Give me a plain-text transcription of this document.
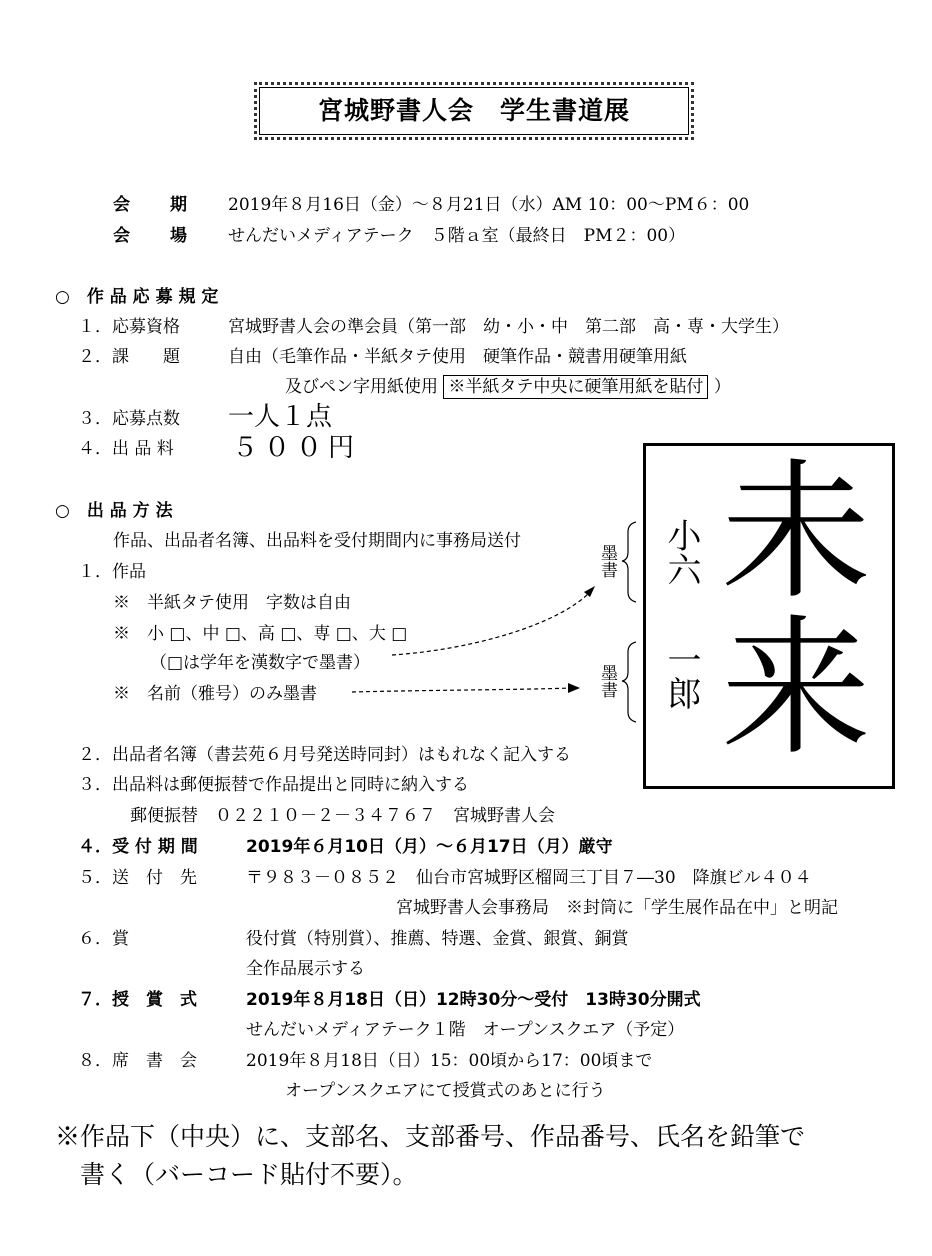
宮城野書人会　学生書道展
会 期 2019年８月16日（金）～８月21日（水）AM 10：00～PM６：00
会 場 せんだいメディアテーク　５階ａ室（最終日　PM２：00）
○　作 品 応 募 規 定
１．応募資格	宮城野書人会の準会員（第一部　幼・小・中　第二部　高・専・大学生）
２．課　　題	自由（毛筆作品・半紙タテ使用　硬筆作品・競書用硬筆用紙
及びペン字用紙使用 ※半紙タテ中央に硬筆用紙を貼付 ）
３．応募点数 一人１点
４．出 品 料 ５００円
○　出 品 方 法
作品、出品者名簿、出品料を受付期間内に事務局送付
１．作品
※　半紙タテ使用　字数は自由
※　小 □、中 □、高 □、専 □、大 □
（□は学年を漢数字で墨書）
※　名前（雅号）のみ墨書
２．出品者名簿（書芸苑６月号発送時同封）はもれなく記入する
３．出品料は郵便振替で作品提出と同時に納入する
郵便振替　０２２１０－２－３４７６７　宮城野書人会
４．受 付 期 間	2019年６月10日（月）～６月17日（月）厳守
５．送　付　先	〒９８３－０８５２　仙台市宮城野区榴岡三丁目７―30　降旗ビル４０４
宮城野書人会事務局　※封筒に「学生展作品在中」と明記
６．賞	役付賞（特別賞）、推薦、特選、金賞、銀賞、銅賞
全作品展示する
７．授　賞　式	2019年８月18日（日）12時30分～受付　13時30分開式
せんだいメディアテーク１階　オープンスクエア（予定）
８．席　書　会	2019年８月18日（日）15：00頃から17：00頃まで
オープンスクエアにて授賞式のあとに行う
墨書
墨書
未
来
小六
一郎
※作品下（中央）に、支部名、支部番号、作品番号、氏名を鉛筆で
書く（バーコード貼付不要）。
